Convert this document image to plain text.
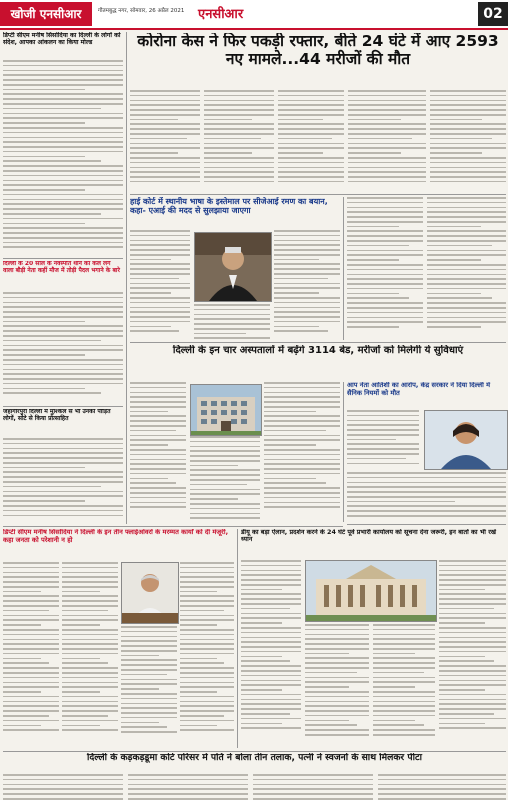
खोजी एनसीआर	गौतमबुद्ध नगर, सोमवार, 26 अप्रैल 2021 एनसीआर	02
डिप्टी सीएम मनीष सिसोदिया का दिल्ली के लोगों को संदेश, आपका आंकलन का किया मोल्ड
दिल्ली के 20 साल के नवस्पति थाने का कल लगें वाला बौड़ी नेता कहीं मौज में तोड़ी पैदल भगाने के बारे
जहांगीरपुरी दिल्ली में मुश्किल से भी उनकी पीड़ित लोगों, सोटे से किया प्रोत्साहित
कोरोना केस ने फिर पकड़ी रफ्तार, बीते 24 घंटे में आए 2593 नए मामले...44 मरीजों की मौत
हाई कोर्ट में स्थानीय भाषा के इस्तेमाल पर सीजेआई रमण का बयान, कहा- एआई की मदद से सुलझाया जाएगा
दिल्ली के इन चार अस्पतालों में बढ़ेंगे 3114 बेड, मरीजों को मिलेगी ये सुविधाएं
आप नेता आतिशी का आरोप, केंद्र सरकार ने दिया दिल्ली में सैनिक नियमों को मौत
डिप्टी सीएम मनीष सिसोदिया ने दिल्ली के इन तीन फ्लाईओवरों के मरम्मत कार्यों को दी मंजूरी, कहा जनता को परेशानी न हो
डीयू का बड़ा ऐलान, प्रदर्शन करने के 24 घंटे पूर्व प्रभारी कार्यालय को सूचना देना जरूरी, इन बातों का भी रखें ध्यान
दिल्ली के कड़कड़डूमा कोर्ट परिसर में पति ने बोला तीन तलाक, पत्नी ने स्वजनों के साथ मिलकर पीटा
